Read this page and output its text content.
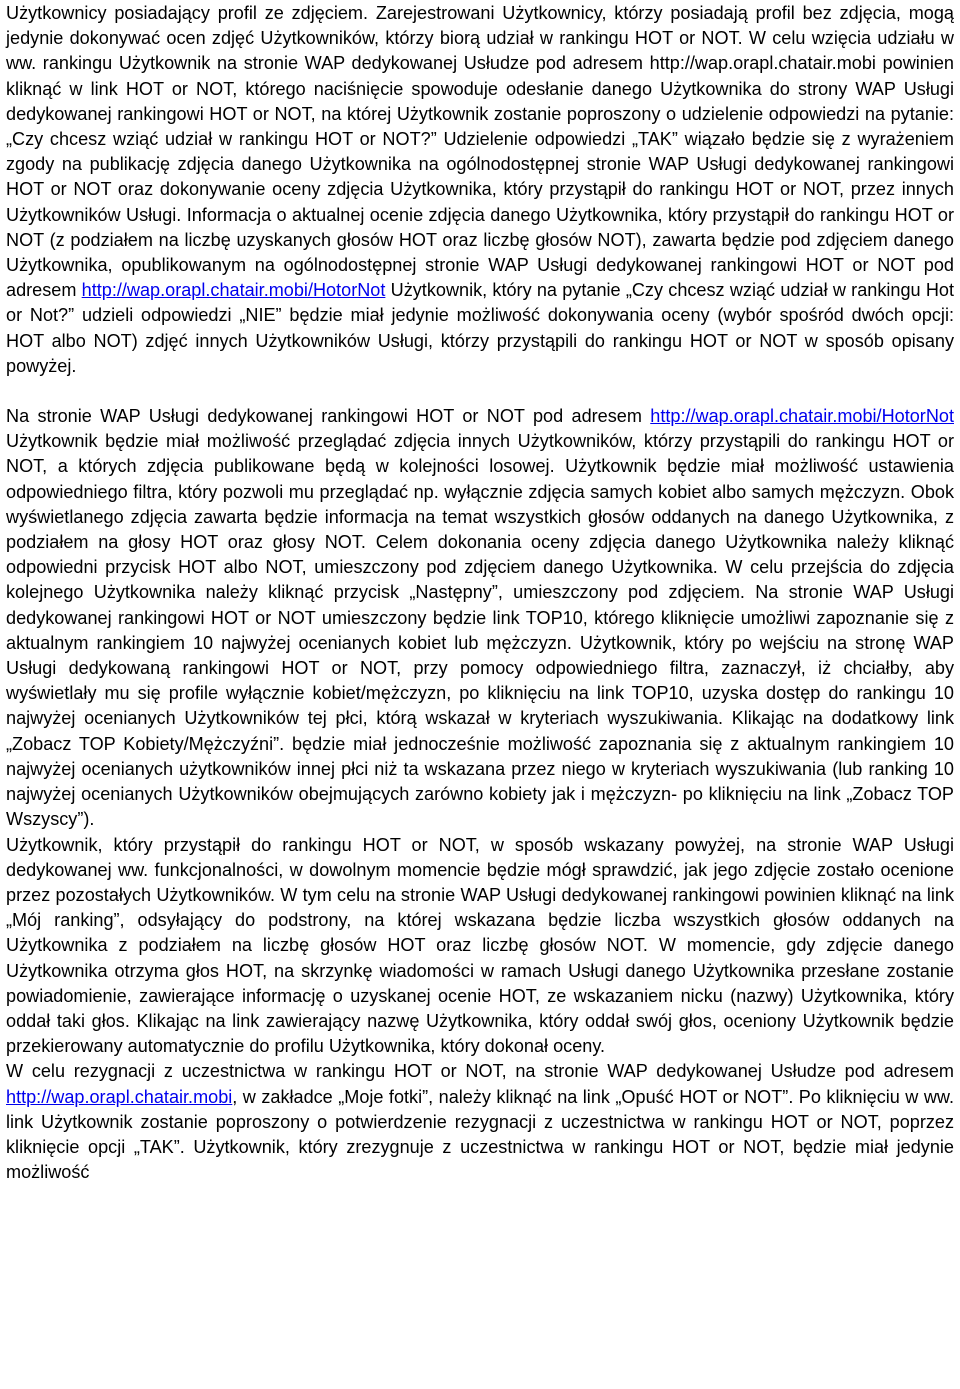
Użytkownicy posiadający profil ze zdjęciem. Zarejestrowani Użytkownicy, którzy posiadają profil bez zdjęcia, mogą jedynie dokonywać ocen zdjęć Użytkowników, którzy biorą udział w rankingu HOT or NOT. W celu wzięcia udziału w ww. rankingu Użytkownik na stronie WAP dedykowanej Usłudze pod adresem http://wap.orapl.chatair.mobi powinien kliknąć w link HOT or NOT, którego naciśnięcie spowoduje odesłanie danego Użytkownika do strony WAP Usługi dedykowanej rankingowi HOT or NOT, na której Użytkownik zostanie poproszony o udzielenie odpowiedzi na pytanie: „Czy chcesz wziąć udział w rankingu HOT or NOT?” Udzielenie odpowiedzi „TAK” wiązało będzie się z wyrażeniem zgody na publikację zdjęcia danego Użytkownika na ogólnodostępnej stronie WAP Usługi dedykowanej rankingowi HOT or NOT oraz dokonywanie oceny zdjęcia Użytkownika, który przystąpił do rankingu HOT or NOT, przez innych Użytkowników Usługi. Informacja o aktualnej ocenie zdjęcia danego Użytkownika, który przystąpił do rankingu HOT or NOT (z podziałem na liczbę uzyskanych głosów HOT oraz liczbę głosów NOT), zawarta będzie pod zdjęciem danego Użytkownika, opublikowanym na ogólnodostępnej stronie WAP Usługi dedykowanej rankingowi HOT or NOT pod adresem http://wap.orapl.chatair.mobi/HotorNot Użytkownik, który na pytanie „Czy chcesz wziąć udział w rankingu Hot or Not?” udzieli odpowiedzi „NIE” będzie miał jedynie możliwość dokonywania oceny (wybór spośród dwóch opcji: HOT albo NOT) zdjęć innych Użytkowników Usługi, którzy przystąpili do rankingu HOT or NOT w sposób opisany powyżej.

Na stronie WAP Usługi dedykowanej rankingowi HOT or NOT pod adresem http://wap.orapl.chatair.mobi/HotorNot Użytkownik będzie miał możliwość przeglądać zdjęcia innych Użytkowników, którzy przystąpili do rankingu HOT or NOT, a których zdjęcia publikowane będą w kolejności losowej. Użytkownik będzie miał możliwość ustawienia odpowiedniego filtra, który pozwoli mu przeglądać np. wyłącznie zdjęcia samych kobiet albo samych mężczyzn. Obok wyświetlanego zdjęcia zawarta będzie informacja na temat wszystkich głosów oddanych na danego Użytkownika, z podziałem na głosy HOT oraz głosy NOT. Celem dokonania oceny zdjęcia danego Użytkownika należy kliknąć odpowiedni przycisk HOT albo NOT, umieszczony pod zdjęciem danego Użytkownika. W celu przejścia do zdjęcia kolejnego Użytkownika należy kliknąć przycisk „Następny”, umieszczony pod zdjęciem. Na stronie WAP Usługi dedykowanej rankingowi HOT or NOT umieszczony będzie link TOP10, którego kliknięcie umożliwi zapoznanie się z aktualnym rankingiem 10 najwyżej ocenianych kobiet lub mężczyzn. Użytkownik, który po wejściu na stronę WAP Usługi dedykowaną rankingowi HOT or NOT, przy pomocy odpowiedniego filtra, zaznaczył, iż chciałby, aby wyświetlały mu się profile wyłącznie kobiet/mężczyzn, po kliknięciu na link TOP10, uzyska dostęp do rankingu 10 najwyżej ocenianych Użytkowników tej płci, którą wskazał w kryteriach wyszukiwania. Klikając na dodatkowy link „Zobacz TOP Kobiety/Mężczyźni”. będzie miał jednocześnie możliwość zapoznania się z aktualnym rankingiem 10 najwyżej ocenianych użytkowników innej płci niż ta wskazana przez niego w kryteriach wyszukiwania (lub ranking 10 najwyżej ocenianych Użytkowników obejmujących zarówno kobiety jak i mężczyzn- po kliknięciu na link „Zobacz TOP Wszyscy”).

Użytkownik, który przystąpił do rankingu HOT or NOT, w sposób wskazany powyżej, na stronie WAP Usługi dedykowanej ww. funkcjonalności, w dowolnym momencie będzie mógł sprawdzić, jak jego zdjęcie zostało ocenione przez pozostałych Użytkowników. W tym celu na stronie WAP Usługi dedykowanej rankingowi powinien kliknąć na link „Mój ranking”, odsyłający do podstrony, na której wskazana będzie liczba wszystkich głosów oddanych na Użytkownika z podziałem na liczbę głosów HOT oraz liczbę głosów NOT. W momencie, gdy zdjęcie danego Użytkownika otrzyma głos HOT, na skrzynkę wiadomości w ramach Usługi danego Użytkownika przesłane zostanie powiadomienie, zawierające informację o uzyskanej ocenie HOT, ze wskazaniem nicku (nazwy) Użytkownika, który oddał taki głos. Klikając na link zawierający nazwę Użytkownika, który oddał swój głos, oceniony Użytkownik będzie przekierowany automatycznie do profilu Użytkownika, który dokonał oceny.

W celu rezygnacji z uczestnictwa w rankingu HOT or NOT, na stronie WAP dedykowanej Usłudze pod adresem http://wap.orapl.chatair.mobi, w zakładce „Moje fotki”, należy kliknąć na link „Opuść HOT or NOT”. Po kliknięciu w ww. link Użytkownik zostanie poproszony o potwierdzenie rezygnacji z uczestnictwa w rankingu HOT or NOT, poprzez kliknięcie opcji „TAK”. Użytkownik, który zrezygnuje z uczestnictwa w rankingu HOT or NOT, będzie miał jedynie możliwość
